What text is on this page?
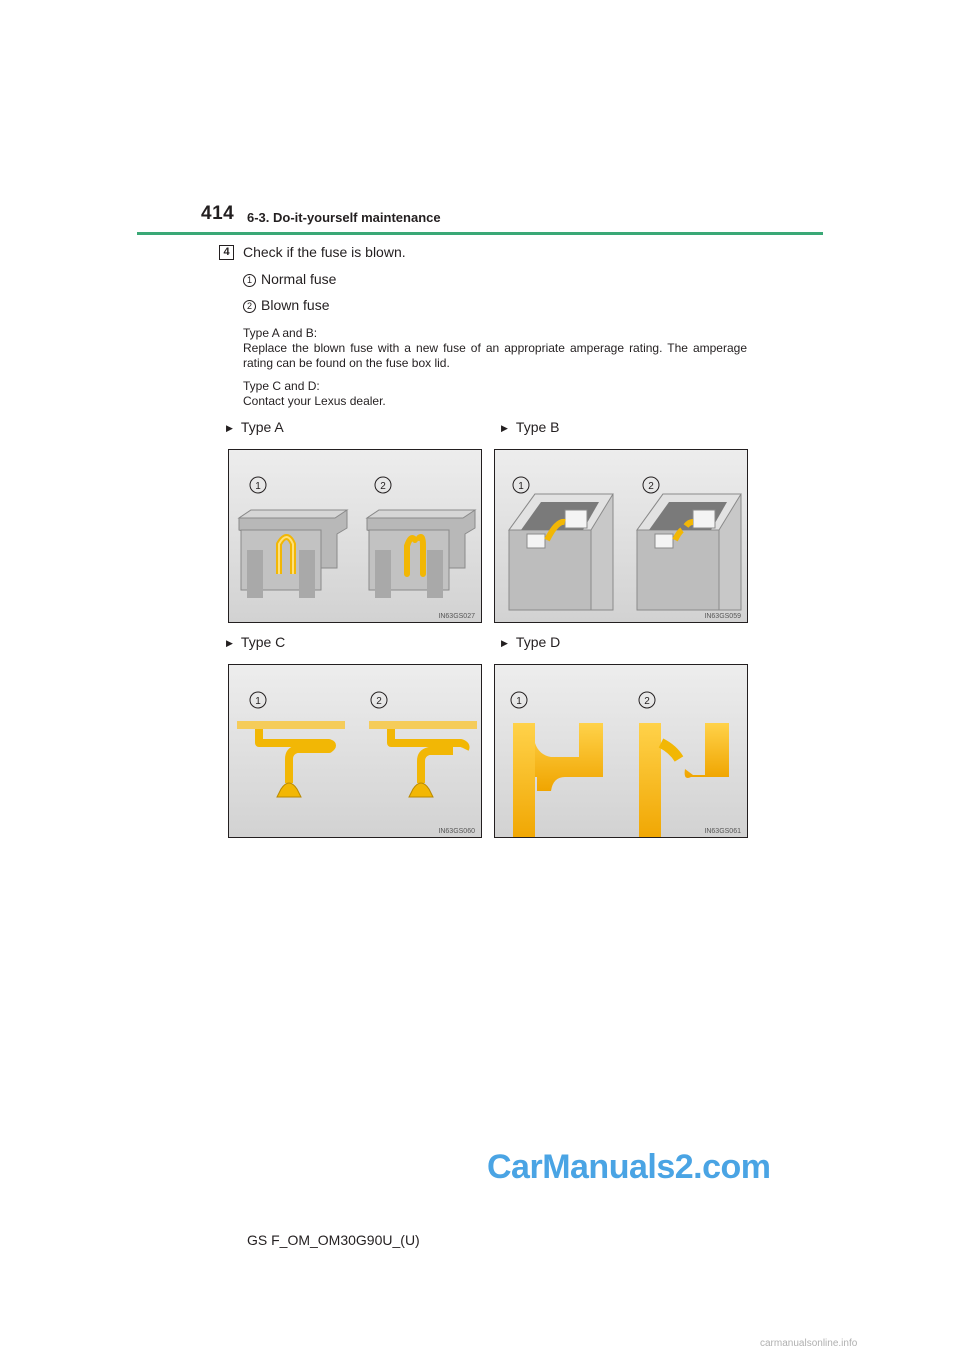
414 6-3. Do-it-yourself maintenance
4 Check if the fuse is blown.
1 Normal fuse
2 Blown fuse
Type A and B:
Replace the blown fuse with a new fuse of an appropriate amperage rating. The amperage rating can be found on the fuse box lid.
Type C and D:
Contact your Lexus dealer.
▶ Type A	▶ Type B
▶ Type C	▶ Type D
1	2
IN63GS027
1	2
IN63GS059
1	2
IN63GS060
1	2
IN63GS061
GS F_OM_OM30G90U_(U)
CarManuals2.com
carmanualsonline.info
